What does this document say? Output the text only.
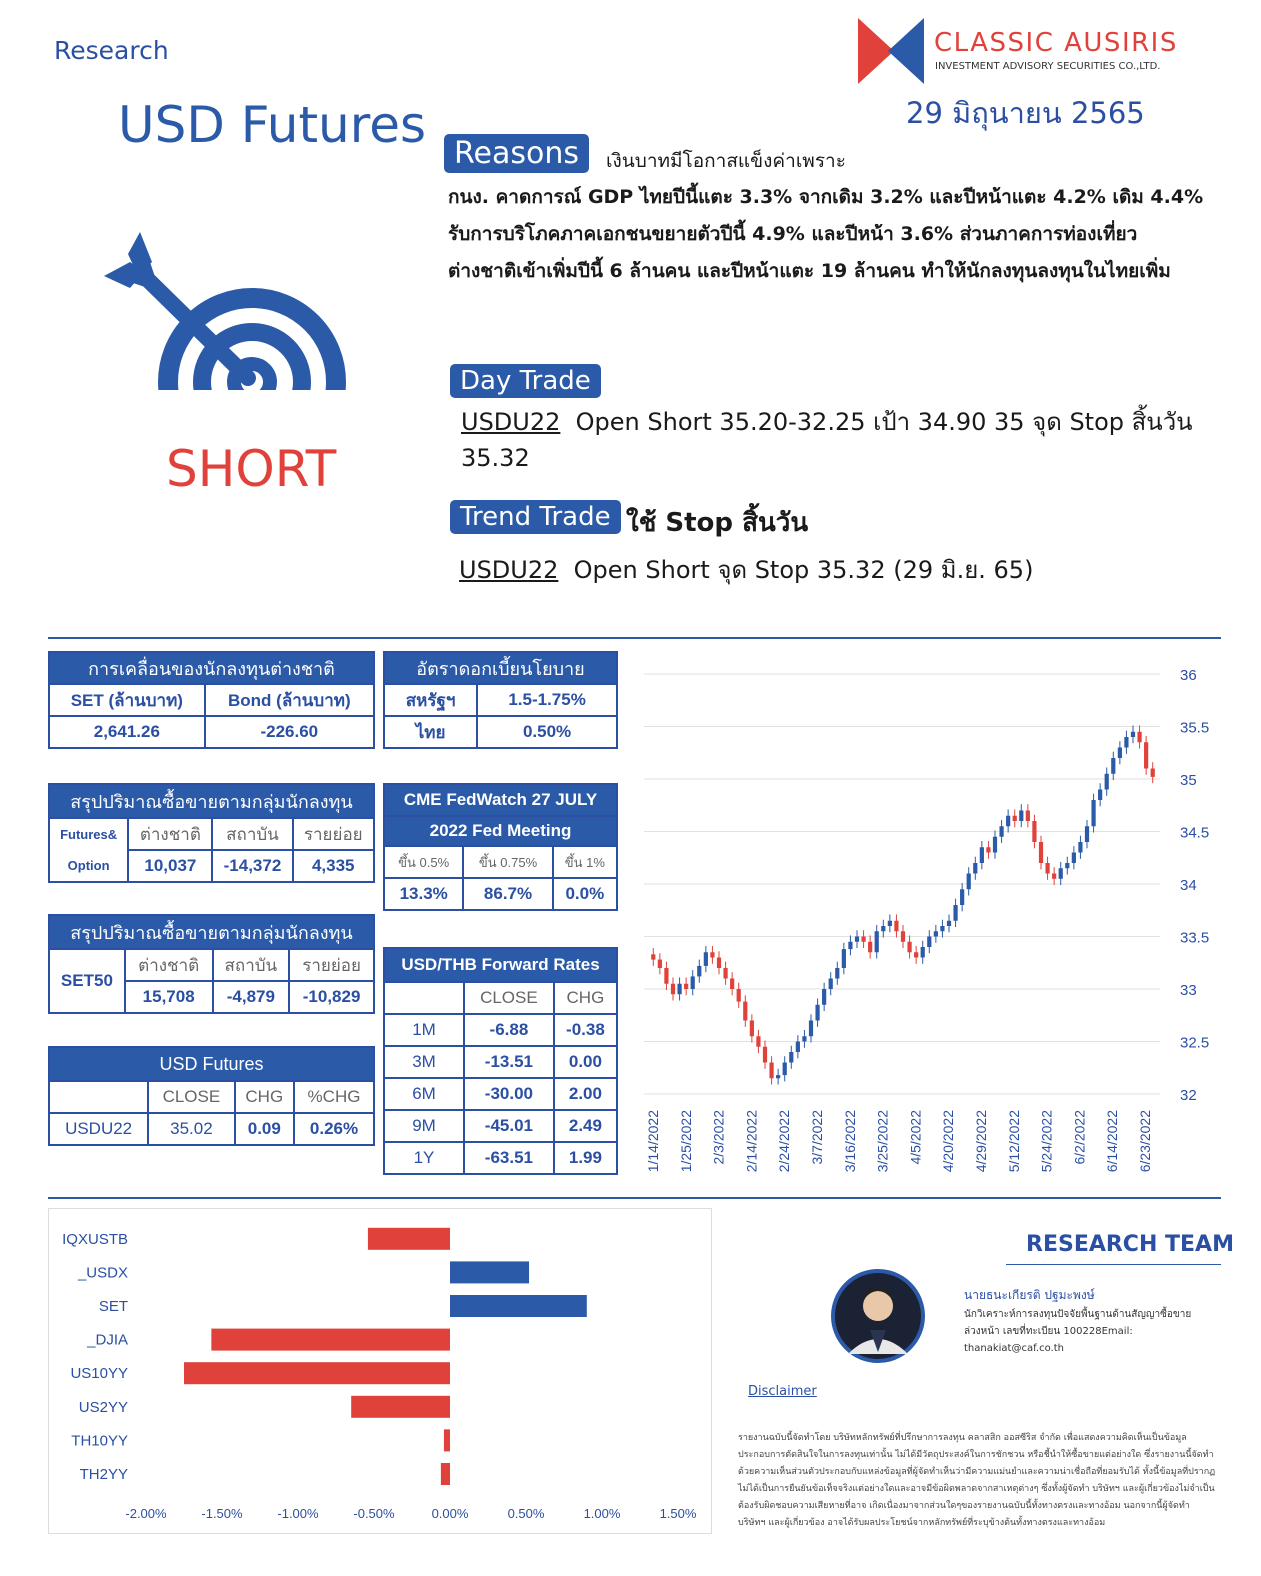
Research
USD Futures
CLASSIC AUSIRIS
INVESTMENT ADVISORY SECURITIES CO.,LTD.
29 มิถุนายน 2565
Reasons	เงินบาทมีโอกาสแข็งค่าเพราะ
กนง. คาดการณ์ GDP ไทยปีนี้แตะ 3.3% จากเดิม 3.2% และปีหน้าแตะ 4.2% เดิม 4.4%
รับการบริโภคภาคเอกชนขยายตัวปีนี้ 4.9% และปีหน้า 3.6% ส่วนภาคการท่องเที่ยว
ต่างชาติเข้าเพิ่มปีนี้ 6 ล้านคน และปีหน้าแตะ 19 ล้านคน ทำให้นักลงทุนลงทุนในไทยเพิ่ม
SHORT
Day Trade
USDU22 Open Short 35.20-32.25 เป้า 34.90 35 จุด Stop สิ้นวัน 35.32
Trend Trade ใช้ Stop สิ้นวัน
USDU22 Open Short จุด Stop 35.32 (29 มิ.ย. 65)
การเคลื่อนของนักลงทุนต่างชาติ	
SET (ล้านบาท)	Bond (ล้านบาท)
2,641.26	-226.60
สรุปปริมาณซื้อขายตามกลุ่มนักลงทุน			
Futures&	ต่างชาติ	สถาบัน	รายย่อย
Option	10,037	-14,372	4,335
สรุปปริมาณซื้อขายตามกลุ่มนักลงทุน			
SET50	ต่างชาติ	สถาบัน	รายย่อย
	15,708	-4,879	-10,829
USD Futures			
	CLOSE	CHG	%CHG
USDU22	35.02	0.09	0.26%
อัตราดอกเบี้ยนโยบาย	
สหรัฐฯ	1.5-1.75%
ไทย	0.50%
CME FedWatch 27 JULY		
2022 Fed Meeting		
ขึ้น 0.5%	ขึ้น 0.75%	ขึ้น 1%
13.3%	86.7%	0.0%
USD/THB Forward Rates		
	CLOSE	CHG
1M	-6.88	-0.38
3M	-13.51	0.00
6M	-30.00	2.00
9M	-45.01	2.49
1Y	-63.51	1.99
32
32.5
33
33.5
34
34.5
35
35.5
36
1/14/2022 1/25/2022 2/3/2022 2/14/2022 2/24/2022 3/7/2022 3/16/2022 3/25/2022 4/5/2022 4/20/2022 4/29/2022 5/12/2022 5/24/2022 6/2/2022 6/14/2022 6/23/2022
IQXUSTB
_USDX
SET
_DJIA
US10YY
US2YY
TH10YY
TH2YY
-2.00%	-1.50%	-1.00%	-0.50%	0.00%	0.50%	1.00%	1.50%
RESEARCH TEAM
นายธนะเกียรติ ปฐมะพงษ์
นักวิเคราะห์การลงทุนปัจจัยพื้นฐานด้านสัญญาซื้อขายล่วงหน้า เลขที่ทะเบียน 100228Email: thanakiat@caf.co.th
Disclaimer
รายงานฉบับนี้จัดทำโดย บริษัทหลักทรัพย์ที่ปรึกษาการลงทุน คลาสสิก ออสซีริส จำกัด เพื่อแสดงความคิดเห็นเป็นข้อมูลประกอบการตัดสินใจในการลงทุนเท่านั้น ไม่ได้มีวัตถุประสงค์ในการชักชวน หรือชี้นำให้ซื้อขายแต่อย่างใด ซึ่งรายงานนี้จัดทำด้วยความเห็นส่วนตัวประกอบกับแหล่งข้อมูลที่ผู้จัดทำเห็นว่ามีความแม่นยำและความน่าเชื่อถือที่ยอมรับได้ ทั้งนี้ข้อมูลที่ปรากฏไม่ได้เป็นการยืนยันข้อเท็จจริงแต่อย่างใดและอาจมีข้อผิดพลาดจากสาเหตุต่างๆ ซึ่งทั้งผู้จัดทำ บริษัทฯ และผู้เกี่ยวข้องไม่จำเป็นต้องรับผิดชอบความเสียหายที่อาจ เกิดเนื่องมาจากส่วนใดๆของรายงานฉบับนี้ทั้งทางตรงและทางอ้อม นอกจากนี้ผู้จัดทำ บริษัทฯ และผู้เกี่ยวข้อง อาจได้รับผลประโยชน์จากหลักทรัพย์ที่ระบุข้างต้นทั้งทางตรงและทางอ้อม
